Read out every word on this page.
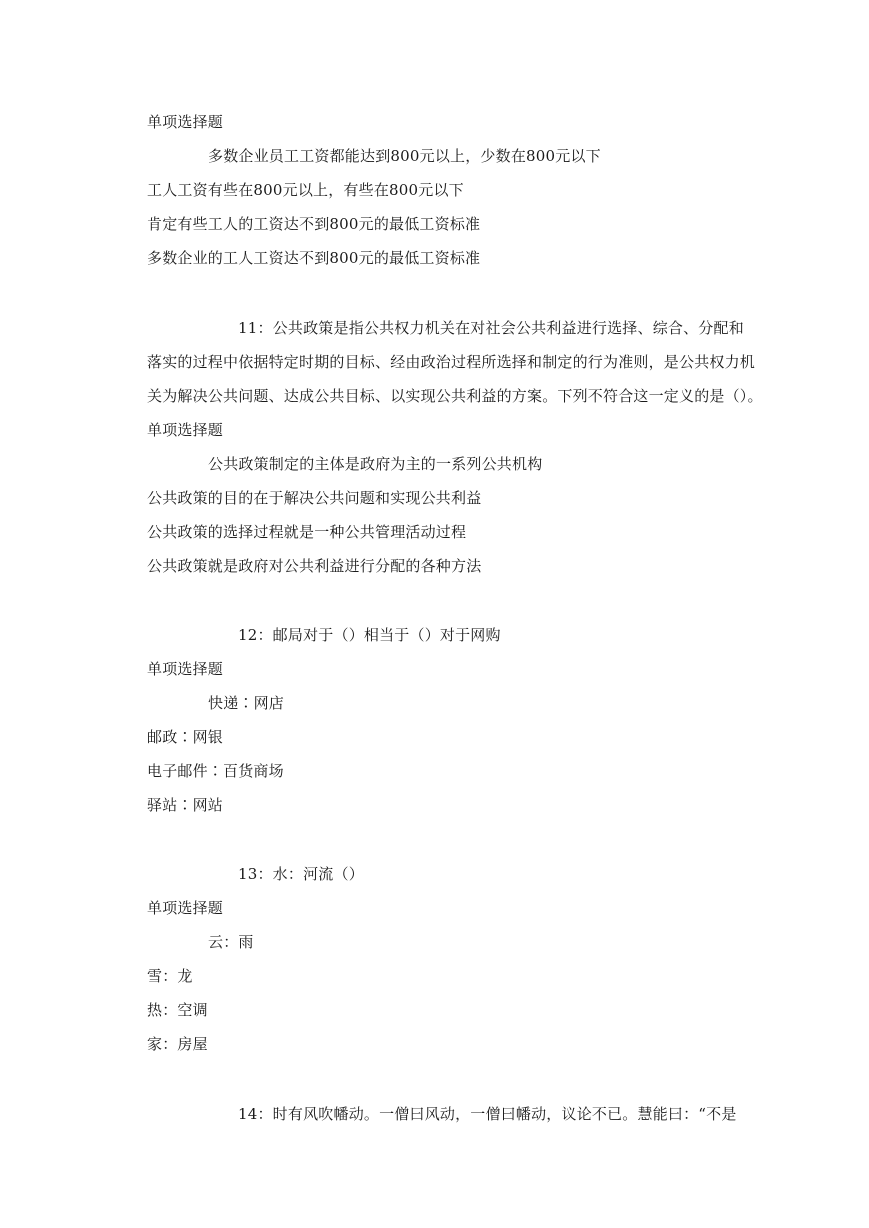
单项选择题
多数企业员工工资都能达到800元以上，少数在800元以下
工人工资有些在800元以上，有些在800元以下
肯定有些工人的工资达不到800元的最低工资标准
多数企业的工人工资达不到800元的最低工资标准
11：公共政策是指公共权力机关在对社会公共利益进行选择、综合、分配和
落实的过程中依据特定时期的目标、经由政治过程所选择和制定的行为准则，是公共权力机
关为解决公共问题、达成公共目标、以实现公共利益的方案。下列不符合这一定义的是（）。
单项选择题
公共政策制定的主体是政府为主的一系列公共机构
公共政策的目的在于解决公共问题和实现公共利益
公共政策的选择过程就是一种公共管理活动过程
公共政策就是政府对公共利益进行分配的各种方法
12：邮局对于（）相当于（）对于网购
单项选择题
快递∶网店
邮政∶网银
电子邮件∶百货商场
驿站∶网站
13：水：河流（）
单项选择题
云：雨
雪：龙
热：空调
家：房屋
14：时有风吹幡动。一僧曰风动，一僧曰幡动，议论不已。慧能曰：“不是
